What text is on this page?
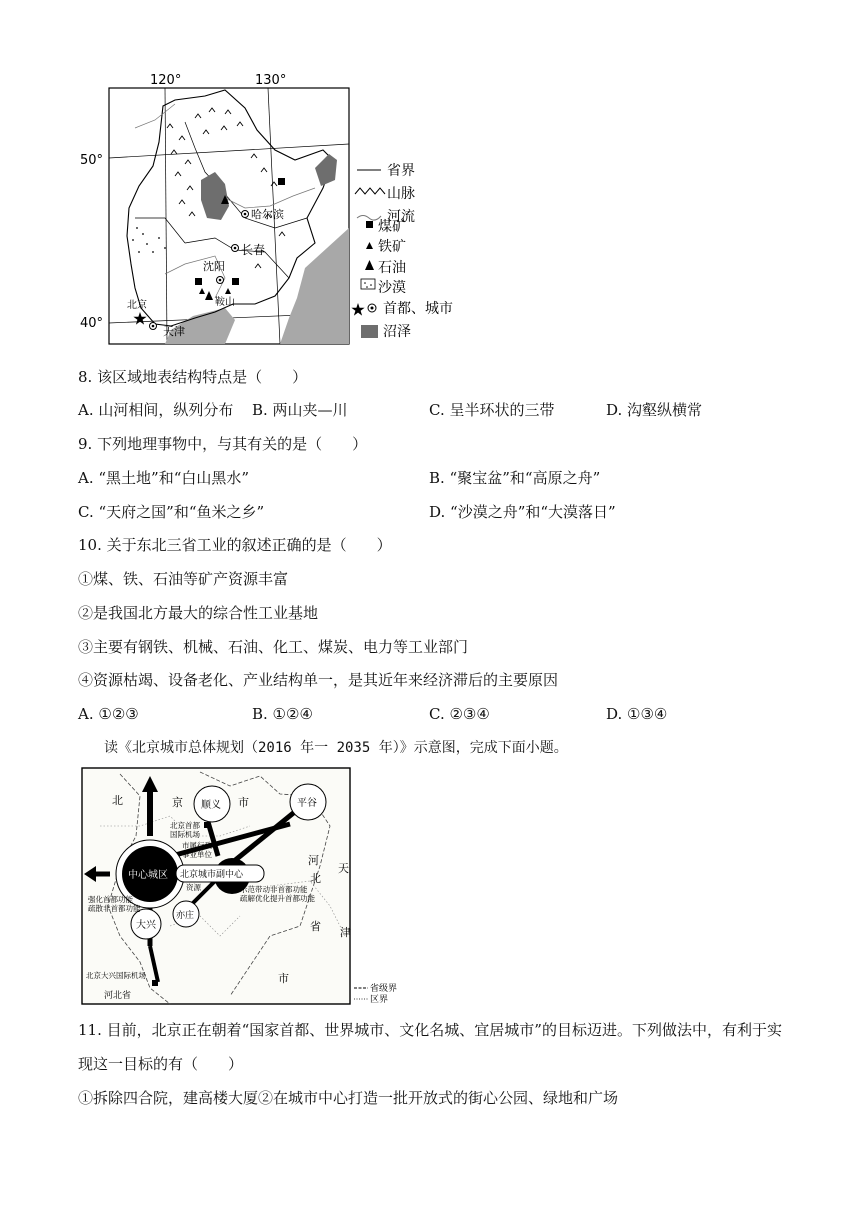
120°	130°
50°
40°
哈尔滨
长春
沈阳
鞍山
北京
天津
省界
山脉
河流
煤矿
铁矿
石油
沙漠
首都、城市
沼泽
8. 该区域地表结构特点是（　　）
A. 山河相间，纵列分布 B. 两山夹—川	C. 呈半环状的三带	D. 沟壑纵横常
9. 下列地理事物中，与其有关的是（　　）
A. “黑土地”和“白山黑水”	B. “聚宝盆”和“高原之舟”
C. “天府之国”和“鱼米之乡”	D. “沙漠之舟”和“大漠落日”
10. 关于东北三省工业的叙述正确的是（　　）
①煤、铁、石油等矿产资源丰富
②是我国北方最大的综合性工业基地
③主要有钢铁、机械、石油、化工、煤炭、电力等工业部门
④资源枯竭、设备老化、产业结构单一，是其近年来经济滞后的主要原因
A. ①②③	B. ①②④	C. ②③④	D. ①③④
读《北京城市总体规划（2016 年一 2035 年）》示意图，完成下面小题。
北	京	市
市
河
北
省
天
津
顺义	平谷
中心城区 北京城市副中心
大兴
亦庄
北京首都
国际机场
市属行政
事业单位
资源
强化首都功能
疏散非首都功能
示范带动非首都功能
疏解优化提升首都功能
北京大兴国际机场
河北省
省级界
区界
11. 目前，北京正在朝着“国家首都、世界城市、文化名城、宜居城市”的目标迈进。下列做法中，有利于实
现这一目标的有（　　）
①拆除四合院，建高楼大厦②在城市中心打造一批开放式的街心公园、绿地和广场
